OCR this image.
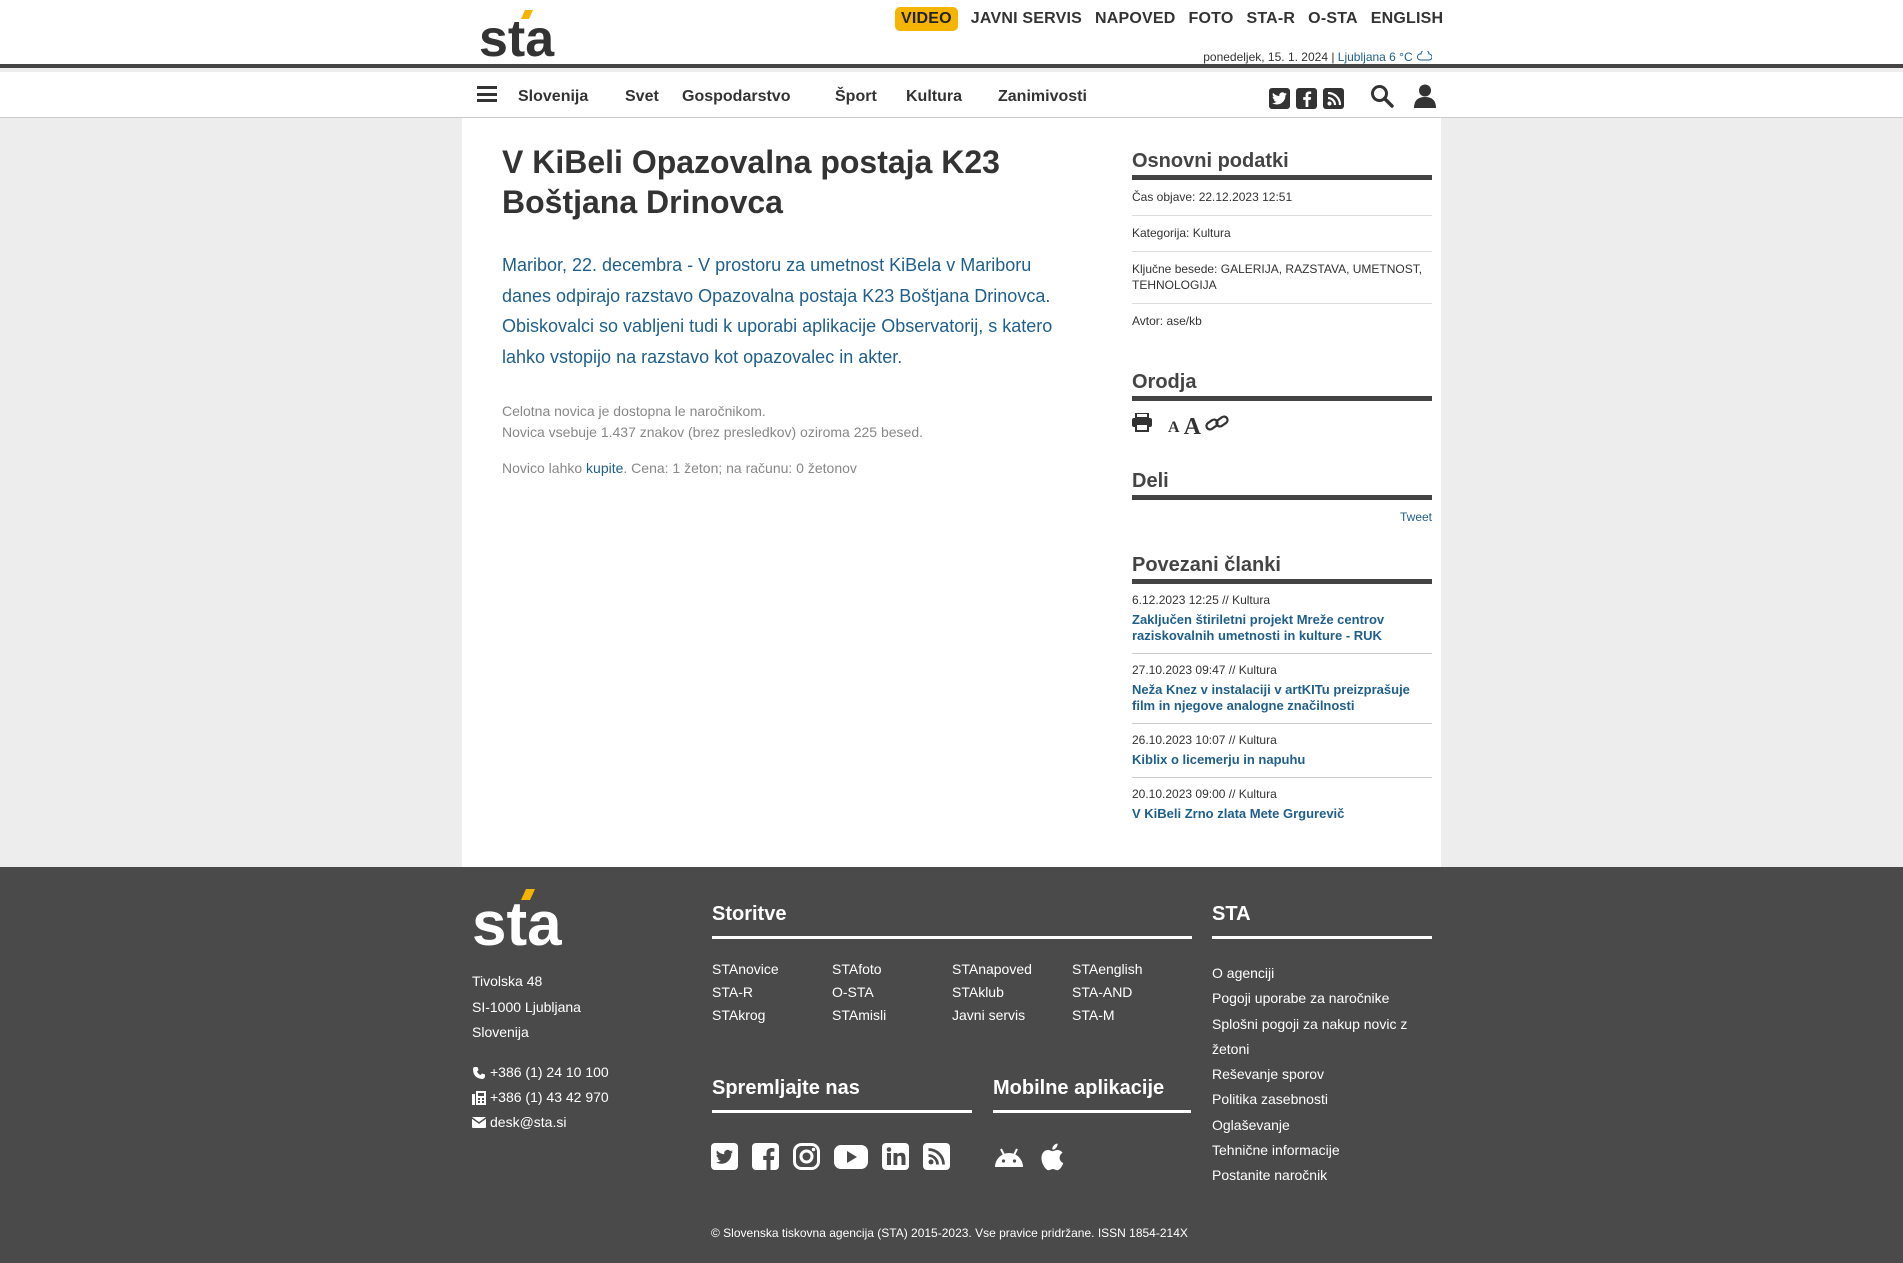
sta	VIDEO	JAVNI SERVIS NAPOVED FOTO STA-R O-STA ENGLISH
ponedeljek, 15. 1. 2024 | Ljubljana 6 °C
Slovenija Svet Gospodarstvo	Šport Kultura Zanimivosti
V KiBeli Opazovalna postaja K23 Boštjana Drinovca

Maribor, 22. decembra - V prostoru za umetnost KiBela v Mariboru danes odpirajo razstavo Opazovalna postaja K23 Boštjana Drinovca. Obiskovalci so vabljeni tudi k uporabi aplikacije Observatorij, s katero lahko vstopijo na razstavo kot opazovalec in akter.

Celotna novica je dostopna le naročnikom.
Novica vsebuje 1.437 znakov (brez presledkov) oziroma 225 besed.
Novico lahko kupite. Cena: 1 žeton; na računu: 0 žetonov
Osnovni podatki
Čas objave: 22.12.2023 12:51
Kategorija: Kultura
Ključne besede: GALERIJA, RAZSTAVA, UMETNOST, TEHNOLOGIJA
Avtor: ase/kb
Orodja
A A
Deli
Tweet
Povezani članki
6.12.2023 12:25 // Kultura
Zaključen štiriletni projekt Mreže centrov raziskovalnih umetnosti in kulture - RUK
27.10.2023 09:47 // Kultura
Neža Knez v instalaciji v artKITu preizprašuje film in njegove analogne značilnosti
26.10.2023 10:07 // Kultura
Kiblix o licemerju in napuhu
20.10.2023 09:00 // Kultura
V KiBeli Zrno zlata Mete Grgurevič
sta
Tivolska 48
SI-1000 Ljubljana
Slovenija
+386 (1) 24 10 100
+386 (1) 43 42 970
desk@sta.si
Storitve
STAnovice	STAfoto	STAnapoved	STAenglish
STA-R	O-STA	STAklub	STA-AND
STAkrog	STAmisli	Javni servis	STA-M
STA
O agenciji
Pogoji uporabe za naročnike
Splošni pogoji za nakup novic z žetoni
Reševanje sporov
Politika zasebnosti
Oglaševanje
Tehnične informacije
Postanite naročnik
Spremljajte nas	Mobilne aplikacije
© Slovenska tiskovna agencija (STA) 2015-2023. Vse pravice pridržane. ISSN 1854-214X
